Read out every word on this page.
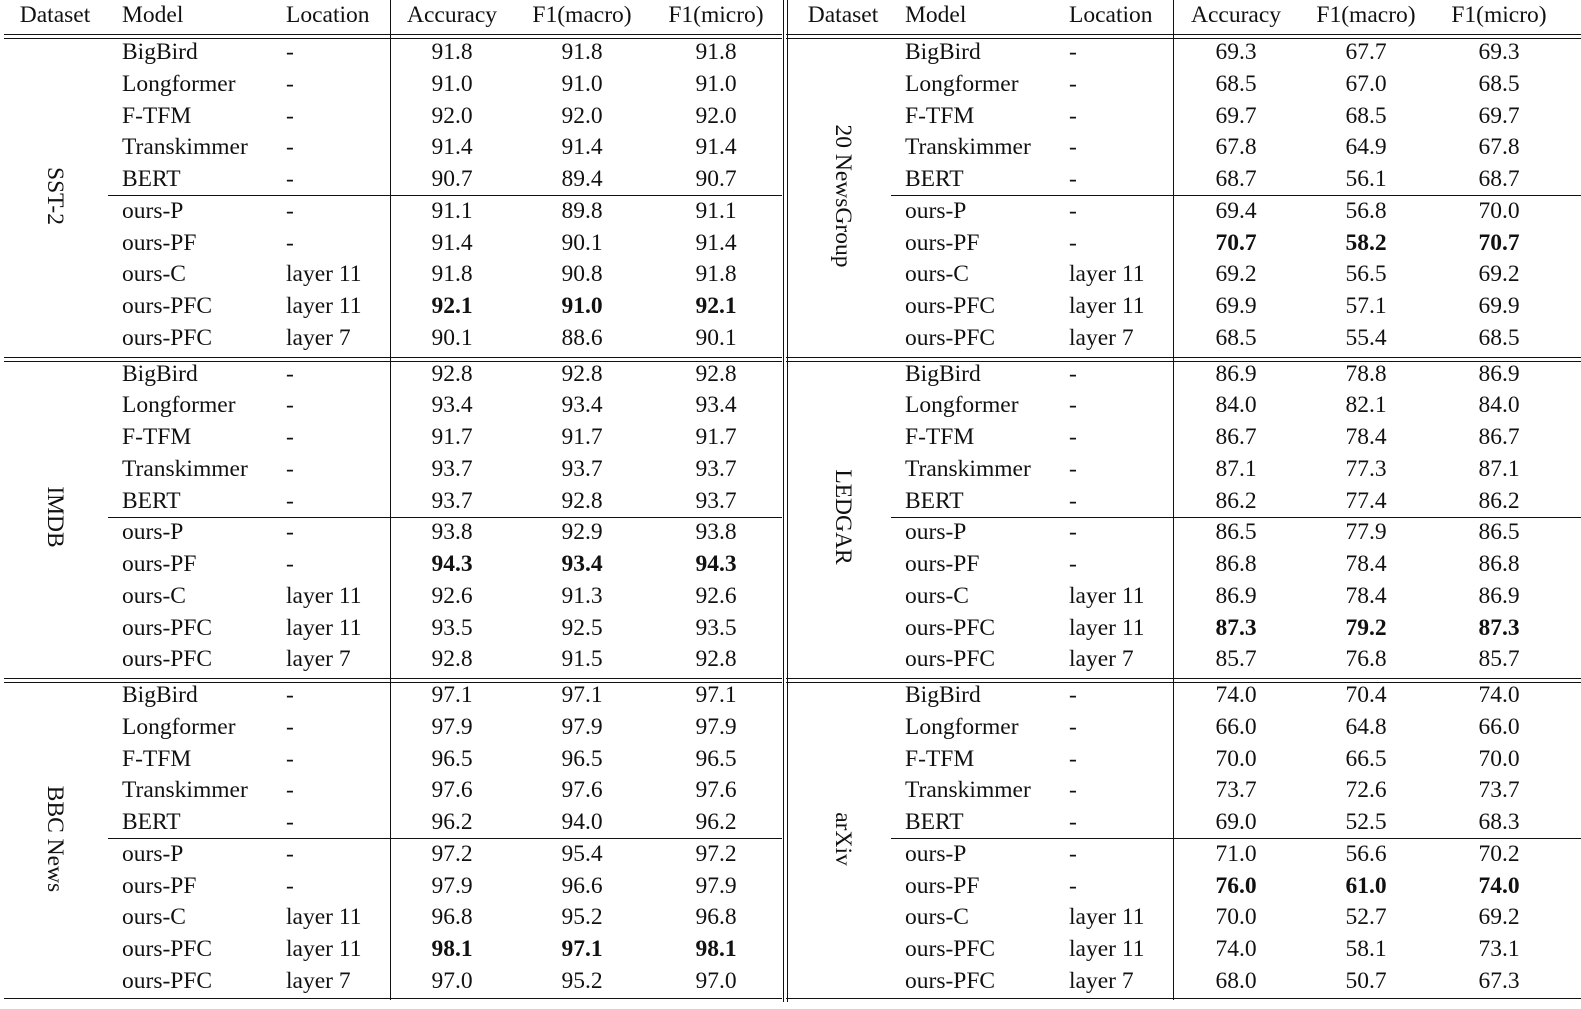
Dataset	Model	Location	Accuracy	F1(macro)	F1(micro)
SST-2
BigBird	-	91.8	91.8	91.8
Longformer -	91.0	91.0	91.0
F-TFM	-	92.0	92.0	92.0
Transkimmer -	91.4	91.4	91.4
BERT	-	90.7	89.4	90.7
ours-P	-	91.1	89.8	91.1
ours-PF	-	91.4	90.1	91.4
ours-C	layer 11	91.8	90.8	91.8
ours-PFC	layer 11	92.1	91.0	92.1
ours-PFC	layer 7	90.1	88.6	90.1
IMDB
BigBird	-	92.8	92.8	92.8
Longformer -	93.4	93.4	93.4
F-TFM	-	91.7	91.7	91.7
Transkimmer -	93.7	93.7	93.7
BERT	-	93.7	92.8	93.7
ours-P	-	93.8	92.9	93.8
ours-PF	-	94.3	93.4	94.3
ours-C	layer 11	92.6	91.3	92.6
ours-PFC	layer 11	93.5	92.5	93.5
ours-PFC	layer 7	92.8	91.5	92.8
BBC News
BigBird	-	97.1	97.1	97.1
Longformer -	97.9	97.9	97.9
F-TFM	-	96.5	96.5	96.5
Transkimmer -	97.6	97.6	97.6
BERT	-	96.2	94.0	96.2
ours-P	-	97.2	95.4	97.2
ours-PF	-	97.9	96.6	97.9
ours-C	layer 11	96.8	95.2	96.8
ours-PFC	layer 11	98.1	97.1	98.1
ours-PFC	layer 7	97.0	95.2	97.0
Dataset	Model	Location	Accuracy	F1(macro)	F1(micro)
20 NewsGroup
BigBird	-	69.3	67.7	69.3
Longformer -	68.5	67.0	68.5
F-TFM	-	69.7	68.5	69.7
Transkimmer -	67.8	64.9	67.8
BERT	-	68.7	56.1	68.7
ours-P	-	69.4	56.8	70.0
ours-PF	-	70.7	58.2	70.7
ours-C	layer 11	69.2	56.5	69.2
ours-PFC	layer 11	69.9	57.1	69.9
ours-PFC	layer 7	68.5	55.4	68.5
LEDGAR
BigBird	-	86.9	78.8	86.9
Longformer -	84.0	82.1	84.0
F-TFM	-	86.7	78.4	86.7
Transkimmer -	87.1	77.3	87.1
BERT	-	86.2	77.4	86.2
ours-P	-	86.5	77.9	86.5
ours-PF	-	86.8	78.4	86.8
ours-C	layer 11	86.9	78.4	86.9
ours-PFC	layer 11	87.3	79.2	87.3
ours-PFC	layer 7	85.7	76.8	85.7
arXiv
BigBird	-	74.0	70.4	74.0
Longformer -	66.0	64.8	66.0
F-TFM	-	70.0	66.5	70.0
Transkimmer -	73.7	72.6	73.7
BERT	-	69.0	52.5	68.3
ours-P	-	71.0	56.6	70.2
ours-PF	-	76.0	61.0	74.0
ours-C	layer 11	70.0	52.7	69.2
ours-PFC	layer 11	74.0	58.1	73.1
ours-PFC	layer 7	68.0	50.7	67.3
